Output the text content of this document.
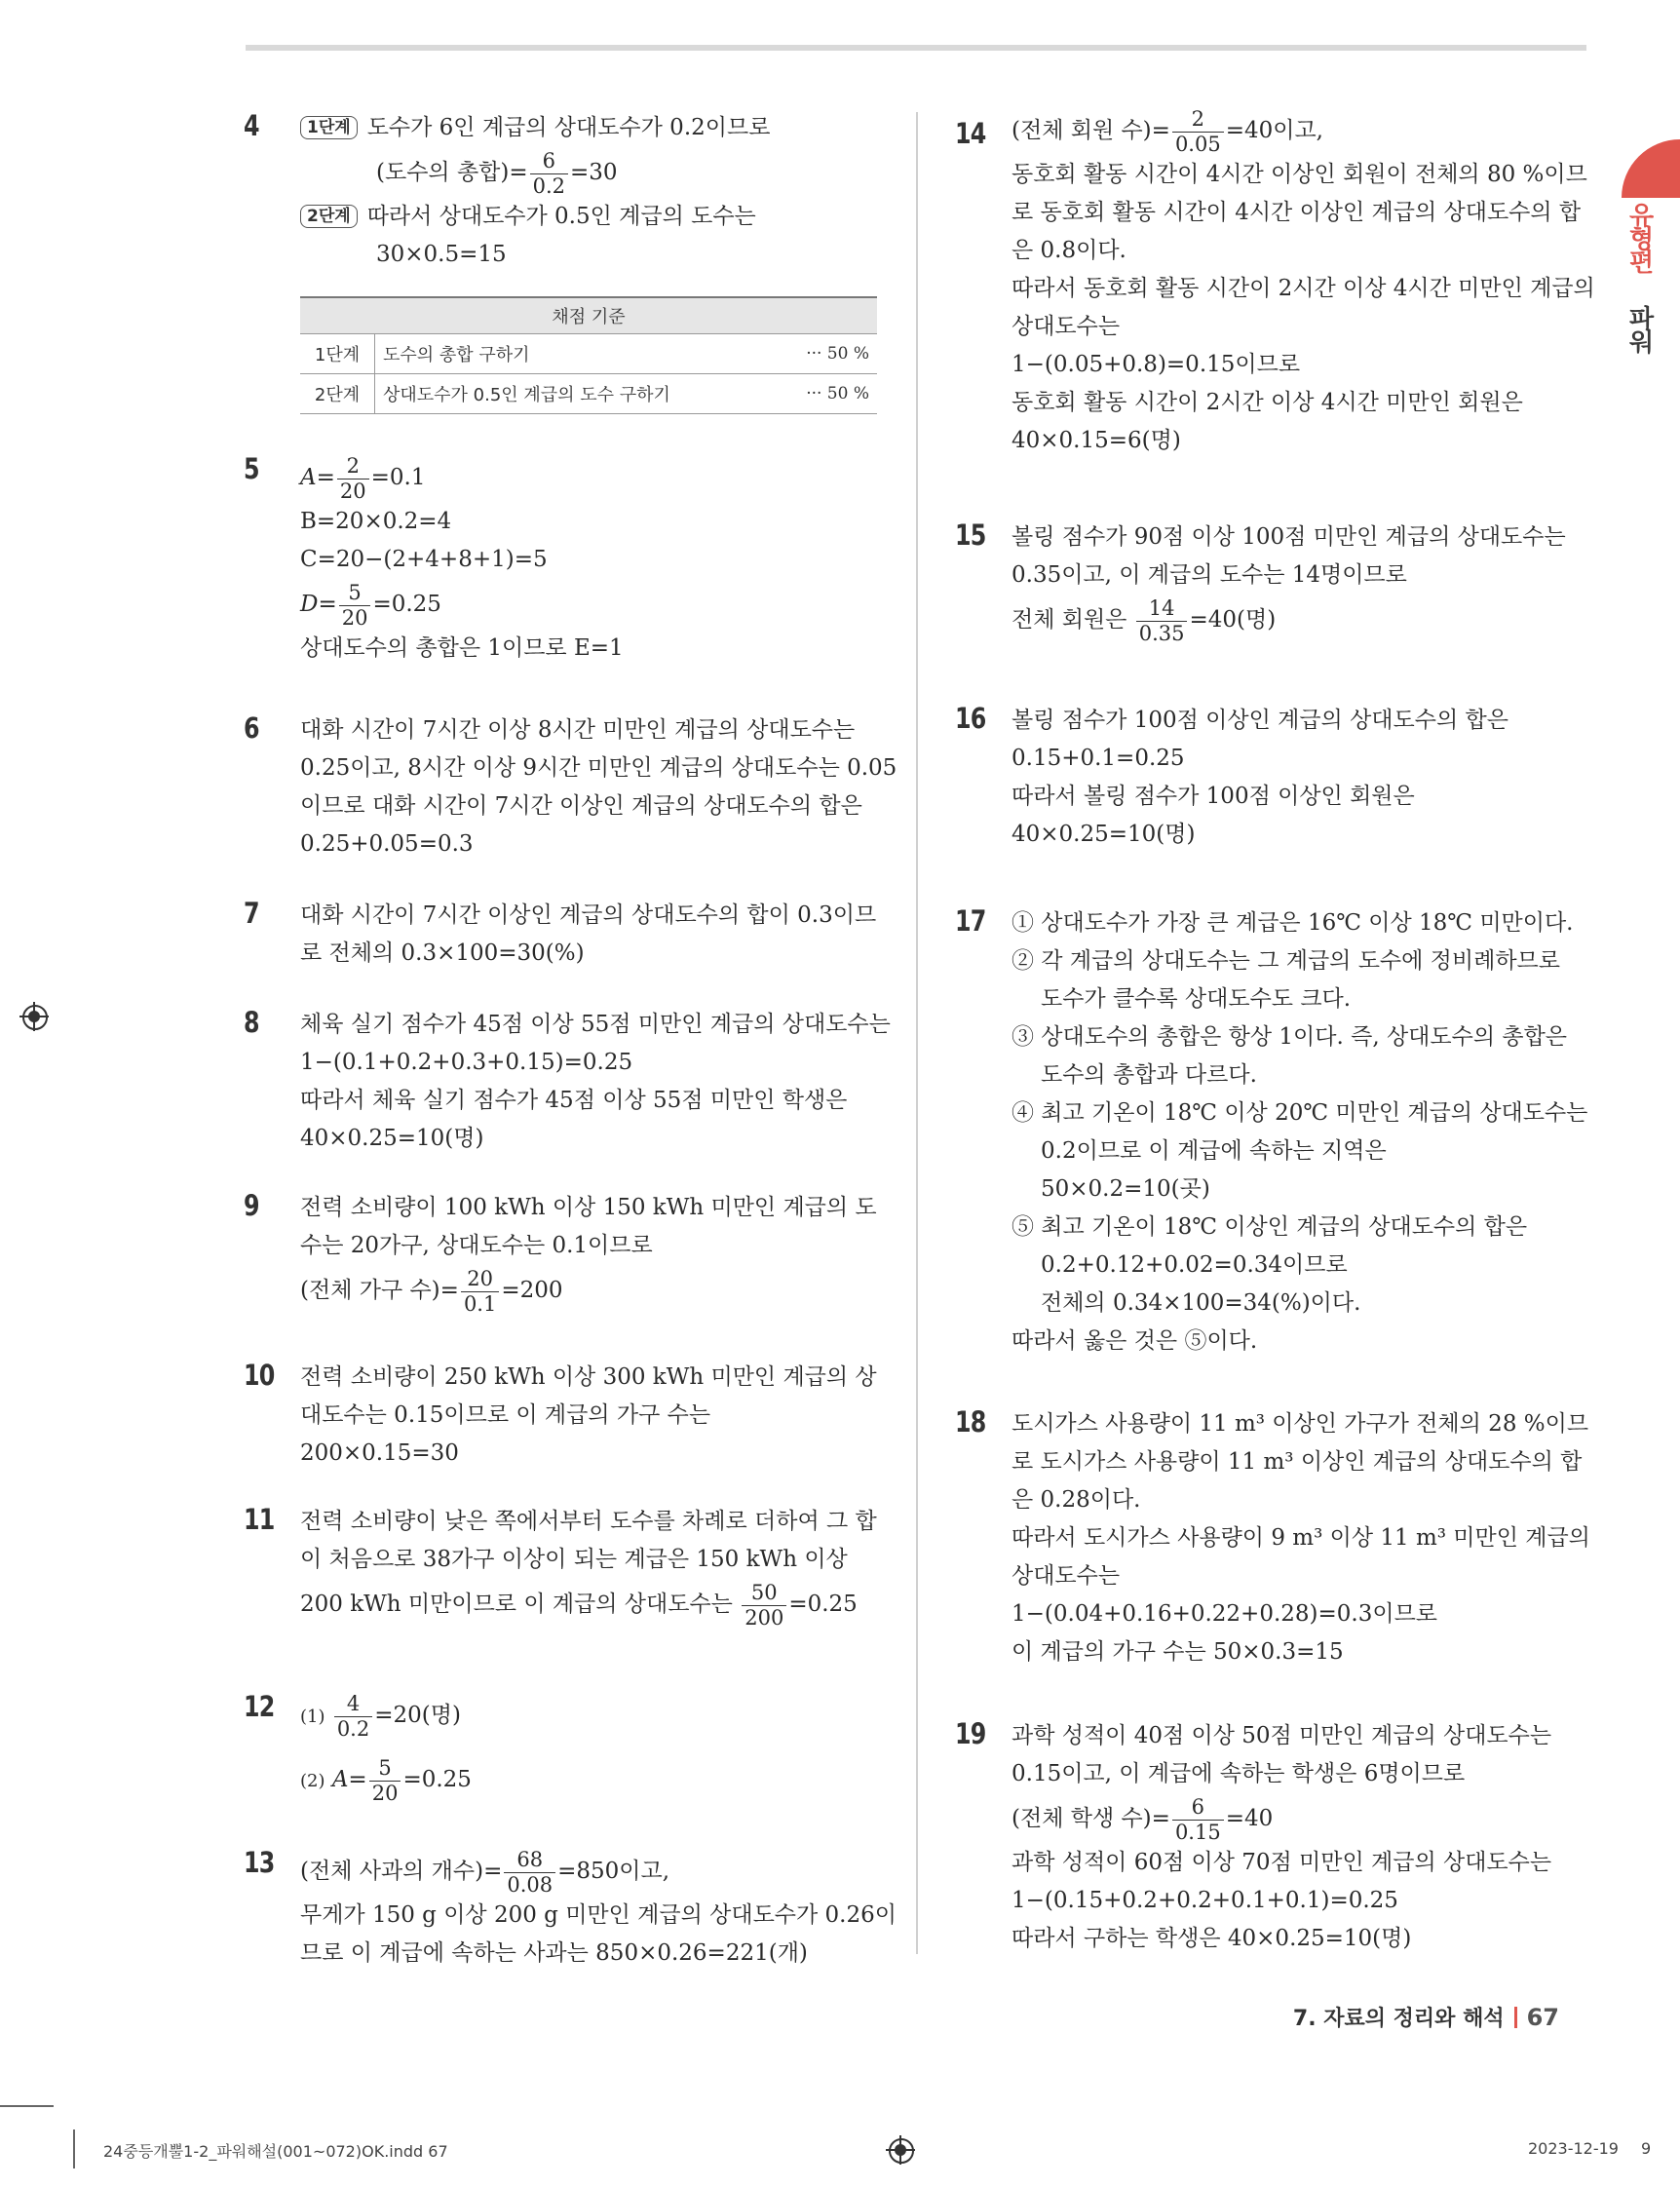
4	1단계 도수가 6인 계급의 상대도수가 0.2이므로
(도수의 총합)= $\frac{6}{0.2} =30$
2단계 따라서 상대도수가 0.5인 계급의 도수는
30×0.5=15
채점 기준		
1단계	도수의 총합 구하기	··· 50 %
2단계	상대도수가 0.5인 계급의 도수 구하기	··· 50 %
5 $A= \frac{2}{20} =0.1$
B=20×0.2=4
C=20−(2+4+8+1)=5
$D= \frac{5}{20} =0.25$
상대도수의 총합은 1이므로 E=1
6 대화 시간이 7시간 이상 8시간 미만인 계급의 상대도수는
0.25이고, 8시간 이상 9시간 미만인 계급의 상대도수는 0.05
이므로 대화 시간이 7시간 이상인 계급의 상대도수의 합은
0.25+0.05=0.3
7 대화 시간이 7시간 이상인 계급의 상대도수의 합이 0.3이므
로 전체의 0.3×100=30(%)
8 체육 실기 점수가 45점 이상 55점 미만인 계급의 상대도수는
1−(0.1+0.2+0.3+0.15)=0.25
따라서 체육 실기 점수가 45점 이상 55점 미만인 학생은
40×0.25=10(명)
9 전력 소비량이 100 kWh 이상 150 kWh 미만인 계급의 도
수는 20가구, 상대도수는 0.1이므로
(전체 가구 수)= $\frac{20}{0.1} =200$
10 전력 소비량이 250 kWh 이상 300 kWh 미만인 계급의 상
대도수는 0.15이므로 이 계급의 가구 수는
200×0.15=30
11 전력 소비량이 낮은 쪽에서부터 도수를 차례로 더하여 그 합
이 처음으로 38가구 이상이 되는 계급은 150 kWh 이상
200 kWh 미만이므로 이 계급의 상대도수는 $\frac{50}{200} =0.25$
12 $(1) \frac{4}{0.2} =20$(명)
(2) $A= \frac{5}{20} =0.25$
13 (전체 사과의 개수)= $\frac{68}{0.08} =850$이고,
무게가 150 g 이상 200 g 미만인 계급의 상대도수가 0.26이
므로 이 계급에 속하는 사과는 850×0.26=221(개)
14 (전체 회원 수)= $\frac{2}{0.05} =40$이고,
동호회 활동 시간이 4시간 이상인 회원이 전체의 80 %이므
로 동호회 활동 시간이 4시간 이상인 계급의 상대도수의 합
은 0.8이다.
따라서 동호회 활동 시간이 2시간 이상 4시간 미만인 계급의
상대도수는
1−(0.05+0.8)=0.15이므로
동호회 활동 시간이 2시간 이상 4시간 미만인 회원은
40×0.15=6(명)
15 볼링 점수가 90점 이상 100점 미만인 계급의 상대도수는
0.35이고, 이 계급의 도수는 14명이므로
전체 회원은 $\frac{14}{0.35} =40$(명)
16 볼링 점수가 100점 이상인 계급의 상대도수의 합은
0.15+0.1=0.25
따라서 볼링 점수가 100점 이상인 회원은
40×0.25=10(명)
17 ① 상대도수가 가장 큰 계급은 16℃ 이상 18℃ 미만이다.
② 각 계급의 상대도수는 그 계급의 도수에 정비례하므로
도수가 클수록 상대도수도 크다.
③ 상대도수의 총합은 항상 1이다. 즉, 상대도수의 총합은
도수의 총합과 다르다.
④ 최고 기온이 18℃ 이상 20℃ 미만인 계급의 상대도수는
0.2이므로 이 계급에 속하는 지역은
50×0.2=10(곳)
⑤ 최고 기온이 18℃ 이상인 계급의 상대도수의 합은
0.2+0.12+0.02=0.34이므로
전체의 0.34×100=34(%)이다.
따라서 옳은 것은 ⑤이다.
18 도시가스 사용량이 11 m³ 이상인 가구가 전체의 28 %이므
로 도시가스 사용량이 11 m³ 이상인 계급의 상대도수의 합
은 0.28이다.
따라서 도시가스 사용량이 9 m³ 이상 11 m³ 미만인 계급의
상대도수는
1−(0.04+0.16+0.22+0.28)=0.3이므로
이 계급의 가구 수는 50×0.3=15
19 과학 성적이 40점 이상 50점 미만인 계급의 상대도수는
0.15이고, 이 계급에 속하는 학생은 6명이므로
(전체 학생 수)= $\frac{6}{0.15} =40$
과학 성적이 60점 이상 70점 미만인 계급의 상대도수는
1−(0.15+0.2+0.2+0.1+0.1)=0.25
따라서 구하는 학생은 40×0.25=10(명)
유형편
파워
7. 자료의 정리와 해석 67
24중등개뿔1-2_파워해설(001~072)OK.indd 67	2023-12-19 9
